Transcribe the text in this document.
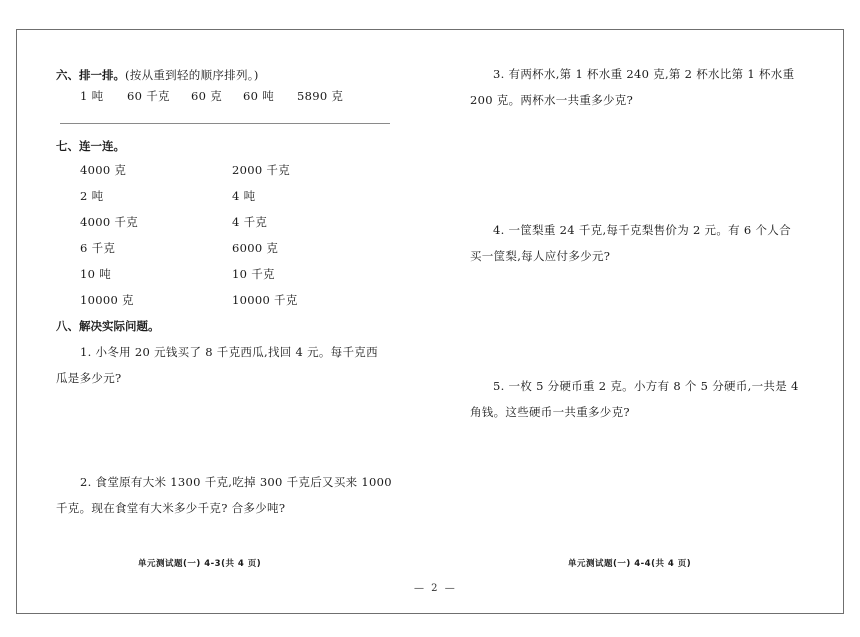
六、排一排。(按从重到轻的顺序排列。)
1 吨 60 千克 60 克 60 吨 5890 克
七、连一连。
4000 克
2 吨
4000 千克
6 千克
10 吨
10000 克
2000 千克
4 吨
4 千克
6000 克
10 千克
10000 千克
八、解决实际问题。
1. 小冬用 20 元钱买了 8 千克西瓜,找回 4 元。每千克西
瓜是多少元?
2. 食堂原有大米 1300 千克,吃掉 300 千克后又买来 1000
千克。现在食堂有大米多少千克? 合多少吨?
单元测试题(一) 4-3(共 4 页)
3. 有两杯水,第 1 杯水重 240 克,第 2 杯水比第 1 杯水重
200 克。两杯水一共重多少克?
4. 一筐梨重 24 千克,每千克梨售价为 2 元。有 6 个人合
买一筐梨,每人应付多少元?
5. 一枚 5 分硬币重 2 克。小方有 8 个 5 分硬币,一共是 4
角钱。这些硬币一共重多少克?
单元测试题(一) 4-4(共 4 页)
— 2 —
